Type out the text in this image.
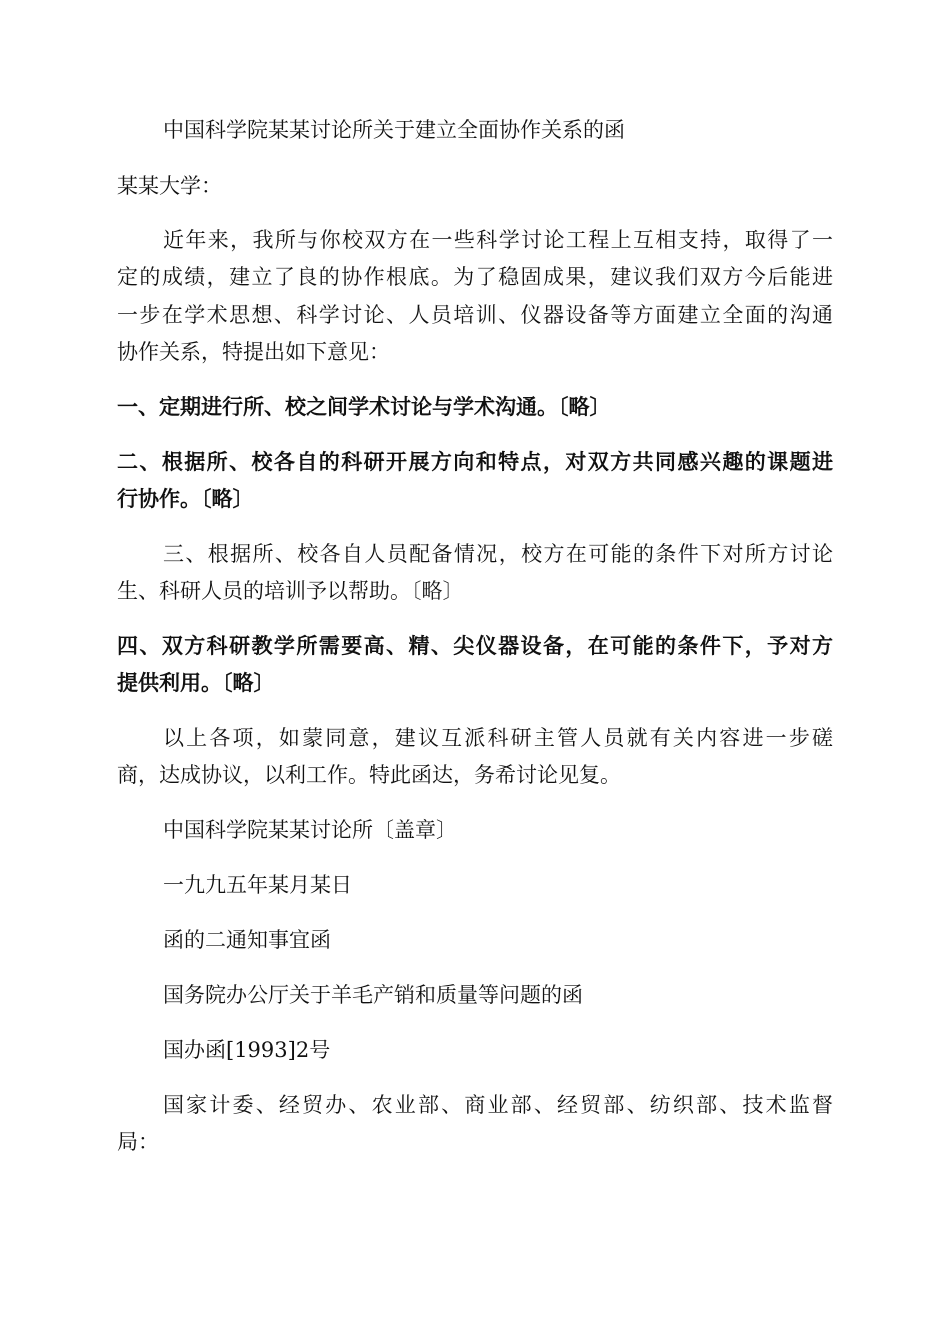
中国科学院某某讨论所关于建立全面协作关系的函

某某大学：

近年来，我所与你校双方在一些科学讨论工程上互相支持，取得了一

定的成绩，建立了良的协作根底。为了稳固成果，建议我们双方今后能进

一步在学术思想、科学讨论、人员培训、仪器设备等方面建立全面的沟通

协作关系，特提出如下意见：

一、定期进行所、校之间学术讨论与学术沟通。〔略〕

二、根据所、校各自的科研开展方向和特点，对双方共同感兴趣的课题进

行协作。〔略〕

三、根据所、校各自人员配备情况，校方在可能的条件下对所方讨论

生、科研人员的培训予以帮助。〔略〕

四、双方科研教学所需要高、精、尖仪器设备，在可能的条件下，予对方

提供利用。〔略〕

以上各项，如蒙同意，建议互派科研主管人员就有关内容进一步磋

商，达成协议，以利工作。特此函达，务希讨论见复。

中国科学院某某讨论所〔盖章〕

一九九五年某月某日

函的二通知事宜函

国务院办公厅关于羊毛产销和质量等问题的函

国办函[1993]2号

国家计委、经贸办、农业部、商业部、经贸部、纺织部、技术监督

局：
